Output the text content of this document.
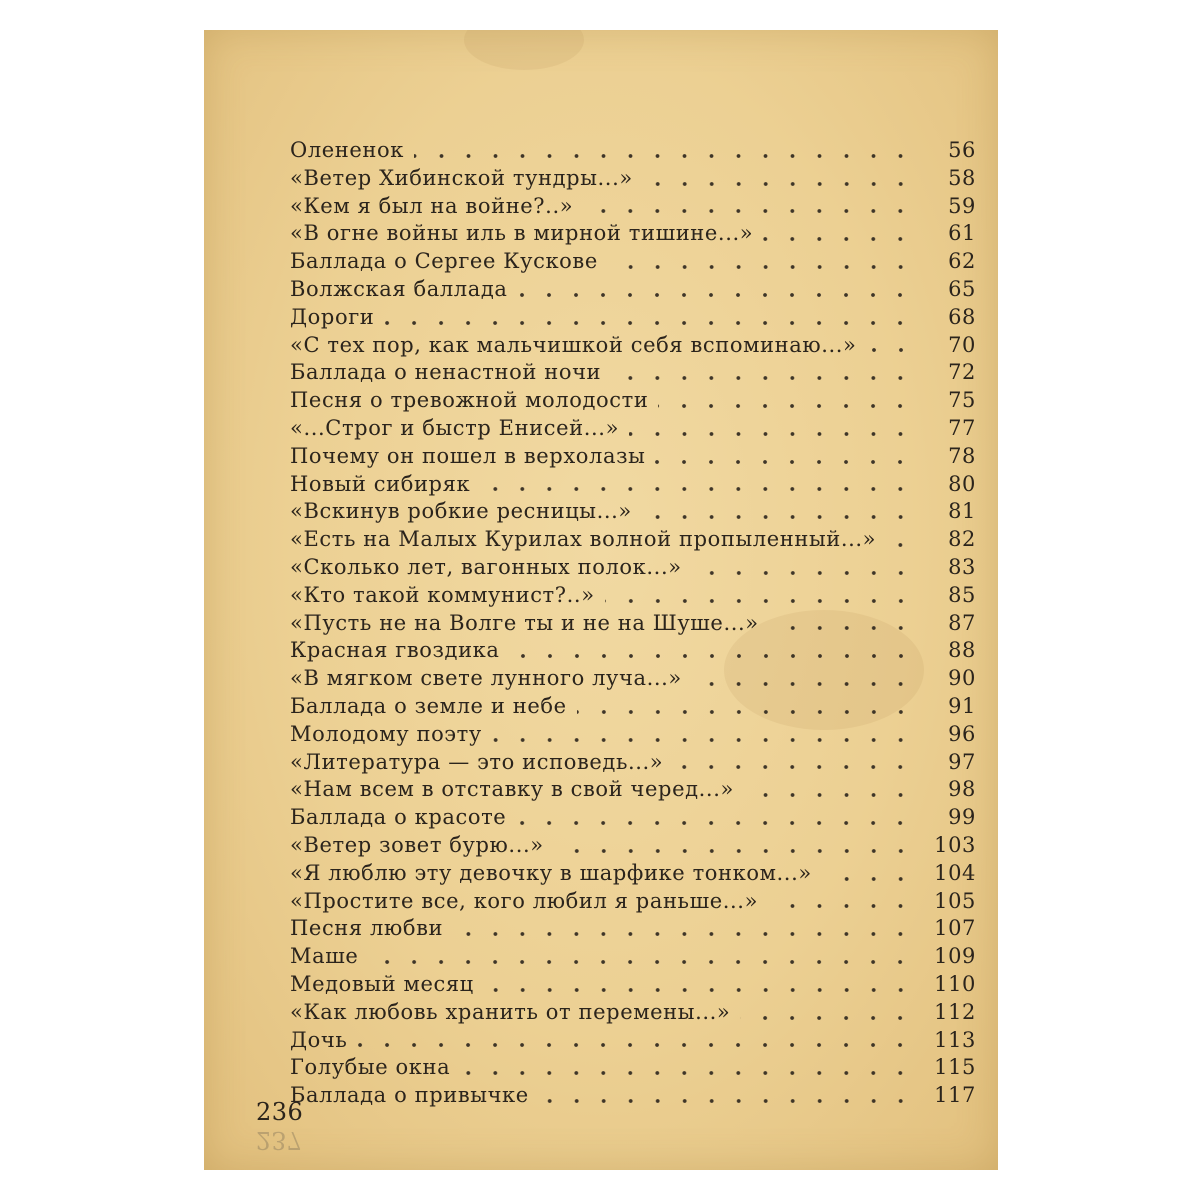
Олененок	56
«Ветер Хибинской тундры...»	58
«Кем я был на войне?..»	59
«В огне войны иль в мирной тишине...»	61
Баллада о Сергее Кускове	62
Волжская баллада	65
Дороги	68
«С тех пор, как мальчишкой себя вспоминаю...»	70
Баллада о ненастной ночи	72
Песня о тревожной молодости	75
«...Строг и быстр Енисей...»	77
Почему он пошел в верхолазы	78
Новый сибиряк	80
«Вскинув робкие ресницы...»	81
«Есть на Малых Курилах волной пропыленный...»	82
«Сколько лет, вагонных полок...»	83
«Кто такой коммунист?..»	85
«Пусть не на Волге ты и не на Шуше...»	87
Красная гвоздика	88
«В мягком свете лунного луча...»	90
Баллада о земле и небе	91
Молодому поэту	96
«Литература — это исповедь...»	97
«Нам всем в отставку в свой черед...»	98
Баллада о красоте	99
«Ветер зовет бурю...»	103
«Я люблю эту девочку в шарфике тонком...»	104
«Простите все, кого любил я раньше...»	105
Песня любви	107
Маше	109
Медовый месяц	110
«Как любовь хранить от перемены...»	112
Дочь	113
Голубые окна	115
Баллада о привычке	117
236
237
